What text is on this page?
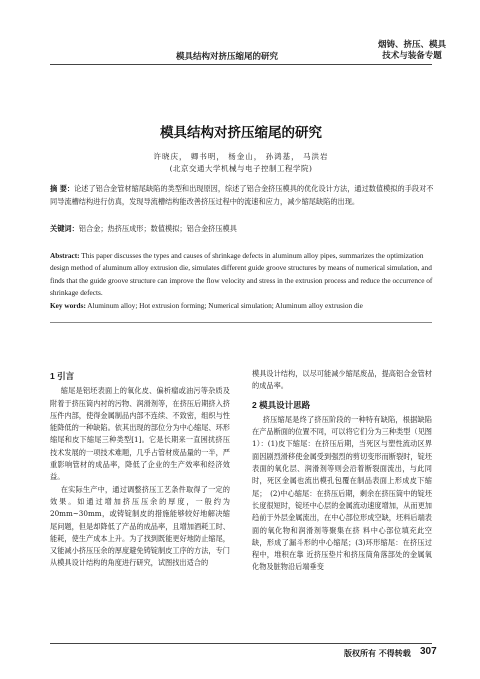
模具结构对挤压缩尾的研究
烟铸、挤压、模具
技术与装备专题
模具结构对挤压缩尾的研究
许晓庆， 卿书明， 杨金山， 孙鸿基， 马洪岩
(北京交通大学机械与电子控制工程学院)
摘 要：论述了铝合金管材缩尾缺陷的类型和出现原因，综述了铝合金挤压模具的优化设计方法，通过数值模拟的手段对不同导流槽结构进行仿真，发现导流槽结构能改善挤压过程中的流速和应力，减少缩尾缺陷的出现。
关键词：铝合金；热挤压成形；数值模拟；铝合金挤压模具
Abstract: This paper discusses the types and causes of shrinkage defects in aluminum alloy pipes, summarizes the optimization design method of aluminum alloy extrusion die, simulates different guide groove structures by means of numerical simulation, and finds that the guide groove structure can improve the flow velocity and stress in the extrusion process and reduce the occurrence of shrinkage defects.
Key words: Aluminum alloy; Hot extrusion forming; Numerical simulation; Aluminum alloy extrusion die
1 引言

缩尾是铝坯表面上的氧化皮、偏析瘤或油污等杂质及附着于挤压筒内衬的污物、润滑剂等，在挤压后期挤入挤压件内部，使得金属制品内部不连续、不致密，组织与性能降低的一种缺陷。依其出现的部位分为中心缩尾、环形缩尾和皮下缩尾三种类型[1]。它是长期来一直困扰挤压技术发展的一项技术难题，几乎占管材废品量的一半，严重影响管材的成品率，降低了企业的生产效率和经济效益。

在实际生产中，通过调整挤压工艺条件取得了一定的效果。如通过增加挤压压余的厚度，一般约为20mm~30mm，或铸锭制皮的措施能够较好地解决缩尾问题，但是却降低了产品的成品率，且增加酒耗工时、能耗，使生产成本上升。为了找到既能更好地防止缩尾，又能减小挤压压余的厚度避免铸锭制皮工序的方法，专门从模具设计结构的角度进行研究，试图找出适合的

模具设计结构，以尽可能减少缩尾废品，提高铝合金管材的成品率。

2 模具设计思路

挤压缩尾是终了挤压阶段的一种特有缺陷，根据缺陷在产品断面的位置不同，可以将它们分为三种类型（见图1）：(1)皮下缩尾：在挤压后期，当死区与塑性流动区界面因剧烈滑移使金属受到强烈的剪切变形而断裂时，锭坯表面的氧化层、润滑剂等则会沿着断裂面流出，与此同时，死区金属也流出模孔包覆在制品表面上形成皮下缩尾；　(2)中心缩尾：在挤压后期，剩余在挤压筒中的锭坯长度很短时，锭坯中心层的金属流动速度增加，从而更加趋前于外层金属流出，在中心部位形成空缺，坯料后端表面的氧化物和润滑剂等聚集在挤 料中心部位填充此空缺，形成了漏斗形的中心缩尾；(3)环形缩尾：在挤压过程中，堆积在靠 近挤压垫片和挤压筒角落部处的金属氧化物及脏物沿后端垂变

版权所有 不得转载 307
